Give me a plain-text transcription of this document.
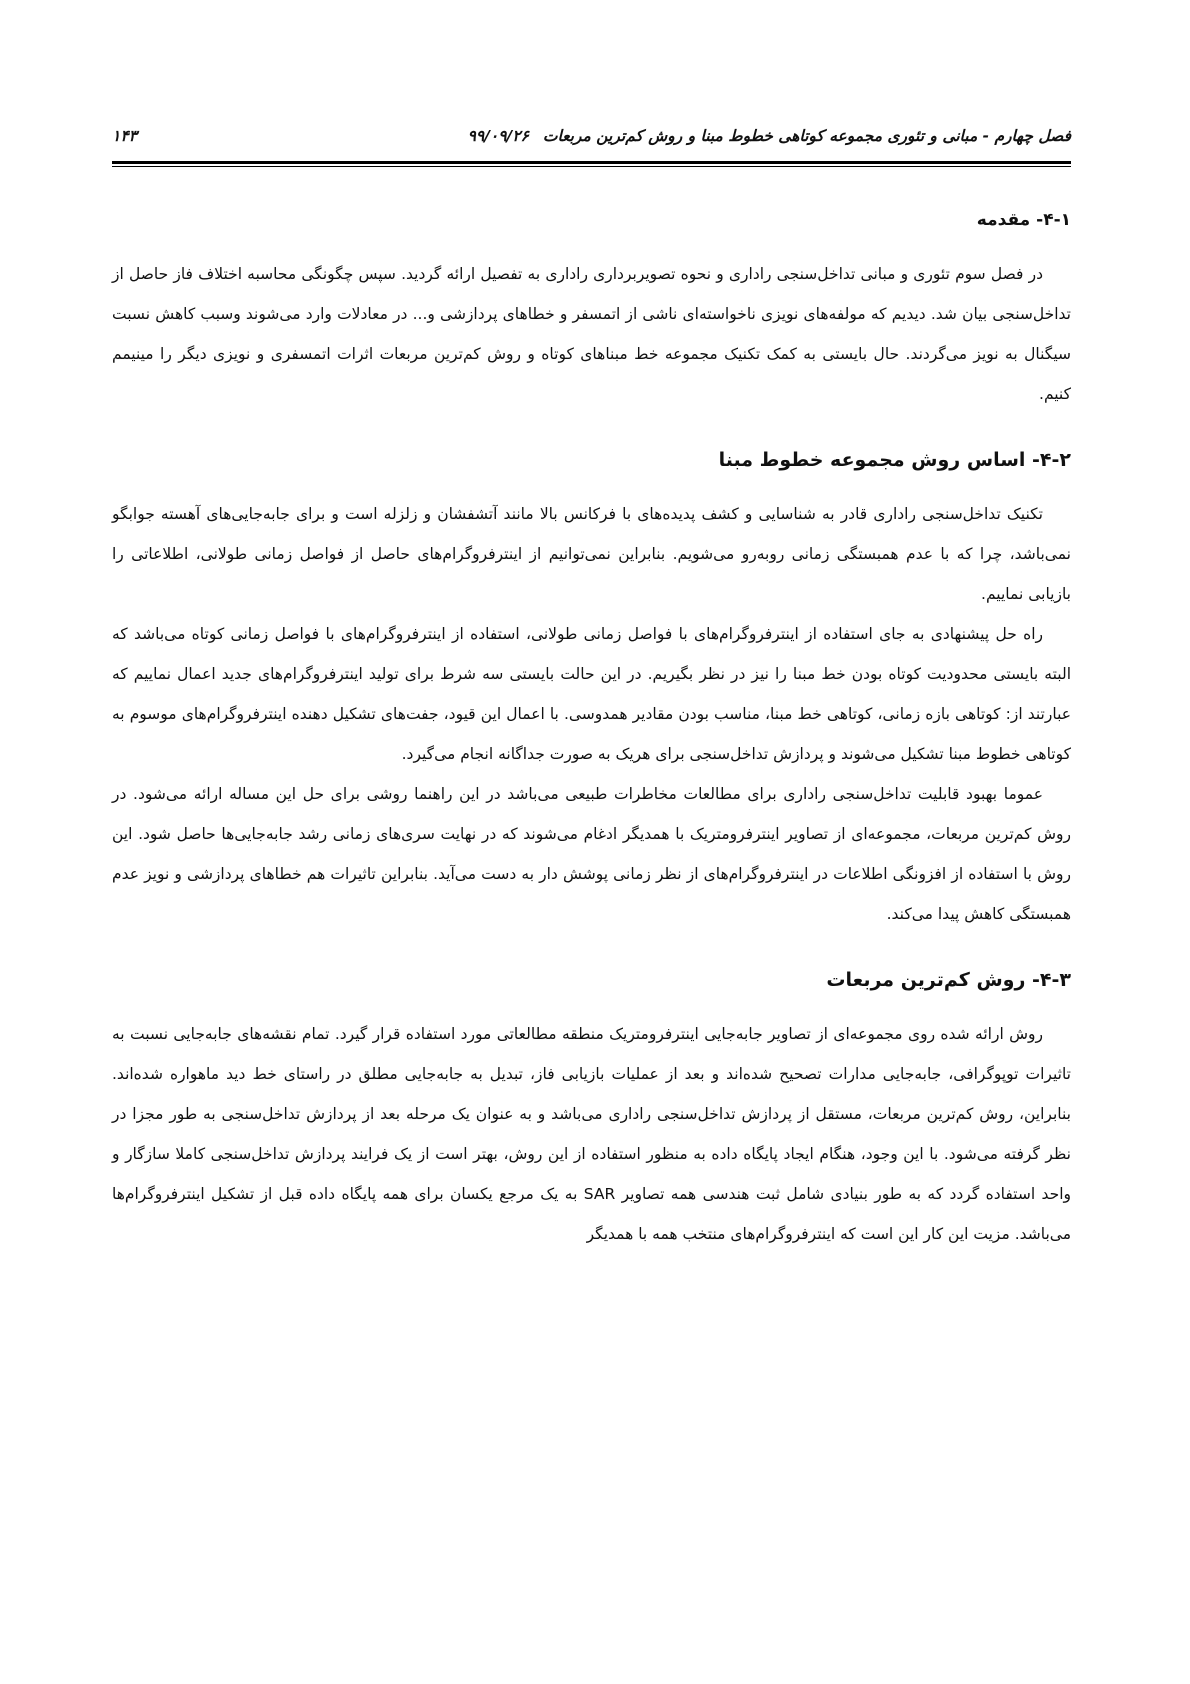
فصل چهارم - مبانی و تئوری مجموعه کوتاهی خطوط مبنا و روش کم‌ترین مربعات
۹۹/۰۹/۲۶
۱۴۳
۴-۱- مقدمه

در فصل سوم تئوری و مبانی تداخل‌سنجی راداری و نحوه تصویربرداری راداری به تفصیل ارائه گردید. سپس چگونگی محاسبه اختلاف فاز حاصل از تداخل‌سنجی بیان شد. دیدیم که مولفه‌های نویزی ناخواسته‌ای ناشی از اتمسفر و خطاهای پردازشی و... در معادلات وارد می‌شوند وسبب کاهش نسبت سیگنال به نویز می‌گردند. حال بایستی به کمک تکنیک مجموعه خط مبناهای کوتاه و روش کم‌ترین مربعات اثرات اتمسفری و نویزی دیگر را مینیمم کنیم.

۴-۲- اساس روش مجموعه خطوط مبنا

تکنیک تداخل‌سنجی راداری قادر به شناسایی و کشف پدیده‌های با فرکانس بالا مانند آتشفشان و زلزله است و برای جابه‌جایی‌های آهسته جوابگو نمی‌باشد، چرا که با عدم همبستگی زمانی روبه‌رو می‌شویم. بنابراین نمی‌توانیم از اینترفروگرام‌های حاصل از فواصل زمانی طولانی، اطلاعاتی را بازیابی نماییم.

راه حل پیشنهادی به جای استفاده از اینترفروگرام‌های با فواصل زمانی طولانی، استفاده از اینترفروگرام‌های با فواصل زمانی کوتاه می‌باشد که البته بایستی محدودیت کوتاه بودن خط مبنا را نیز در نظر بگیریم. در این حالت بایستی سه شرط برای تولید اینترفروگرام‌های جدید اعمال نماییم که عبارتند از: کوتاهی بازه زمانی، کوتاهی خط مبنا، مناسب بودن مقادیر همدوسی. با اعمال این قیود، جفت‌های تشکیل دهنده اینترفروگرام‌های موسوم به کوتاهی خطوط مبنا تشکیل می‌شوند و پردازش تداخل‌سنجی برای هریک به صورت جداگانه انجام می‌گیرد.

عموما بهبود قابلیت تداخل‌سنجی راداری برای مطالعات مخاطرات طبیعی می‌باشد در این راهنما روشی برای حل این مساله ارائه می‌شود. در روش کم‌ترین مربعات، مجموعه‌ای از تصاویر اینترفرومتریک با همدیگر ادغام می‌شوند که در نهایت سری‌های زمانی رشد جابه‌جایی‌ها حاصل شود. این روش با استفاده از افزونگی اطلاعات در اینترفروگرام‌های از نظر زمانی پوشش دار به دست می‌آید. بنابراین تاثیرات هم خطاهای پردازشی و نویز عدم همبستگی کاهش پیدا می‌کند.

۴-۳- روش کم‌ترین مربعات

روش ارائه شده روی مجموعه‌ای از تصاویر جابه‌جایی اینترفرومتریک منطقه مطالعاتی مورد استفاده قرار گیرد. تمام نقشه‌های جابه‌جایی نسبت به تاثیرات توپوگرافی، جابه‌جایی مدارات تصحیح شده‌اند و بعد از عملیات بازیابی فاز، تبدیل به جابه‌جایی مطلق در راستای خط دید ماهواره شده‌اند. بنابراین، روش کم‌ترین مربعات، مستقل از پردازش تداخل‌سنجی راداری می‌باشد و به عنوان یک مرحله بعد از پردازش تداخل‌سنجی به طور مجزا در نظر گرفته می‌شود. با این وجود، هنگام ایجاد پایگاه داده به منظور استفاده از این روش، بهتر است از یک فرایند پردازش تداخل‌سنجی کاملا سازگار و واحد استفاده گردد که به طور بنیادی شامل ثبت هندسی همه تصاویر SAR به یک مرجع یکسان برای همه پایگاه داده قبل از تشکیل اینترفروگرام‌ها می‌باشد. مزیت این کار این است که اینترفروگرام‌های منتخب همه با همدیگر
